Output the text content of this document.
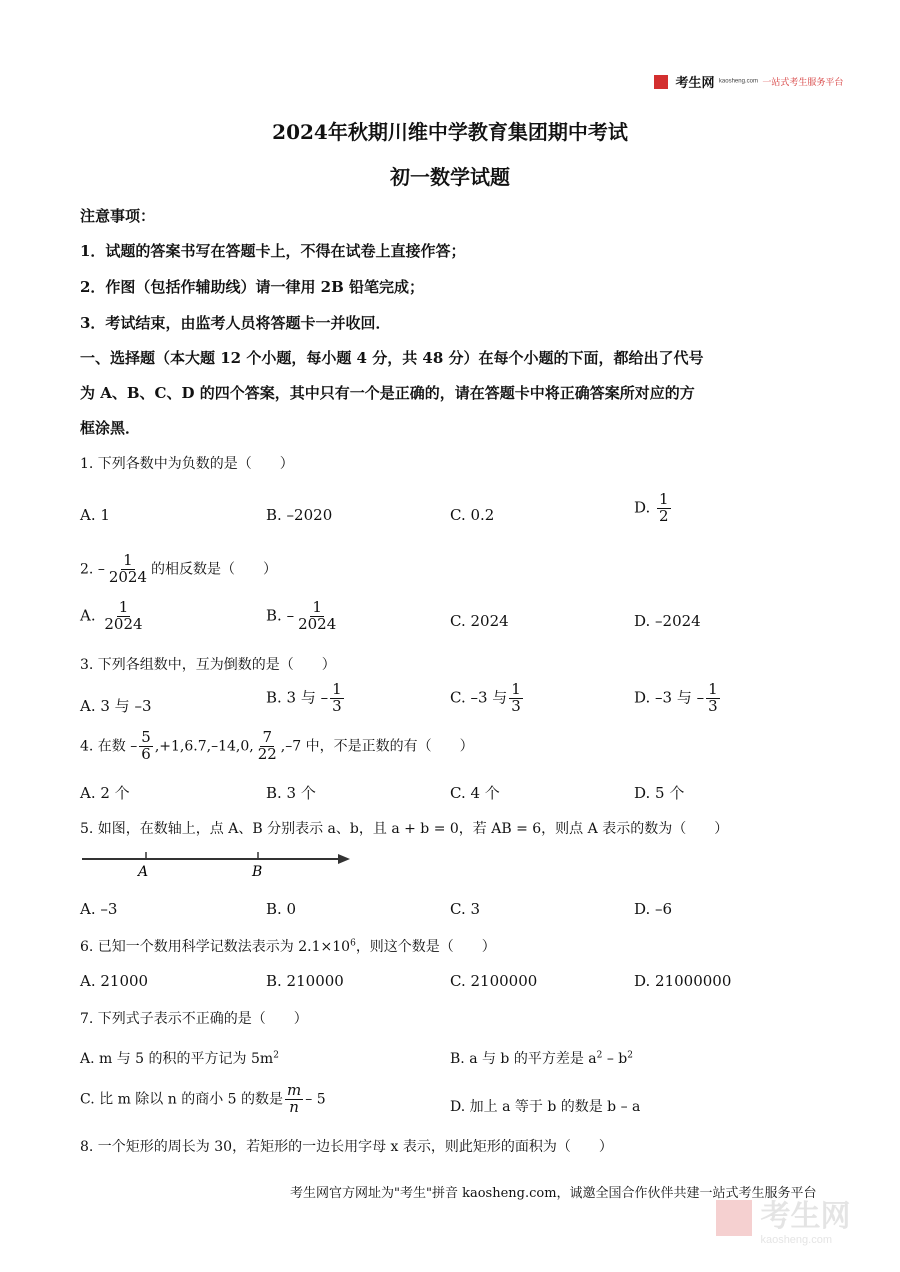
考生网 kaosheng.com 一站式考生服务平台
2024年秋期川维中学教育集团期中考试
初一数学试题
注意事项：
1．试题的答案书写在答题卡上，不得在试卷上直接作答；
2．作图（包括作辅助线）请一律用 2B 铅笔完成；
3．考试结束，由监考人员将答题卡一并收回．
一、选择题（本大题 12 个小题，每小题 4 分，共 48 分）在每个小题的下面，都给出了代号
为 A、B、C、D 的四个答案，其中只有一个是正确的，请在答题卡中将正确答案所对应的方
框涂黑．
1. 下列各数中为负数的是（　　）
A. 1	B. –2020	C. 0.2	D. $\frac{1}{2}$
2. – $\frac{1}{2024}$ 的相反数是（　　）
A. $\frac{1}{2024}$	B. – $\frac{1}{2024}$	C. 2024	D. –2024
3. 下列各组数中，互为倒数的是（　　）
A. 3 与 –3	B. 3 与 – $\frac{1}{3}$	C. –3 与 $\frac{1}{3}$	D. –3 与 – $\frac{1}{3}$
4. 在数 – $\frac{5}{6} ,+1,6.7,-14,0$, $\frac{7}{22} ,-7$ 中，不是正数的有（　　）
A. 2 个	B. 3 个	C. 4 个	D. 5 个
5. 如图，在数轴上，点 A、B 分别表示 a、b，且 a + b = 0，若 AB = 6，则点 A 表示的数为（　　）
A	B
A. –3	B. 0	C. 3	D. –6
6. 已知一个数用科学记数法表示为 $2.1\times 10^6$，则这个数是（　　）
A. 21000	B. 210000	C. 2100000	D. 21000000
7. 下列式子表示不正确的是（　　）
A. m 与 5 的积的平方记为 $5m^2$	B. a 与 b 的平方差是 $a^2 - b^2$
C. 比 m 除以 n 的商小 5 的数是 $\frac{m}{n} - 5$	D. 加上 a 等于 b 的数是 b – a
8. 一个矩形的周长为 30，若矩形的一边长用字母 x 表示，则此矩形的面积为（　　）
考生网官方网址为"考生"拼音 kaosheng.com，诚邀全国合作伙伴共建一站式考生服务平台

考生网
kaosheng.com
